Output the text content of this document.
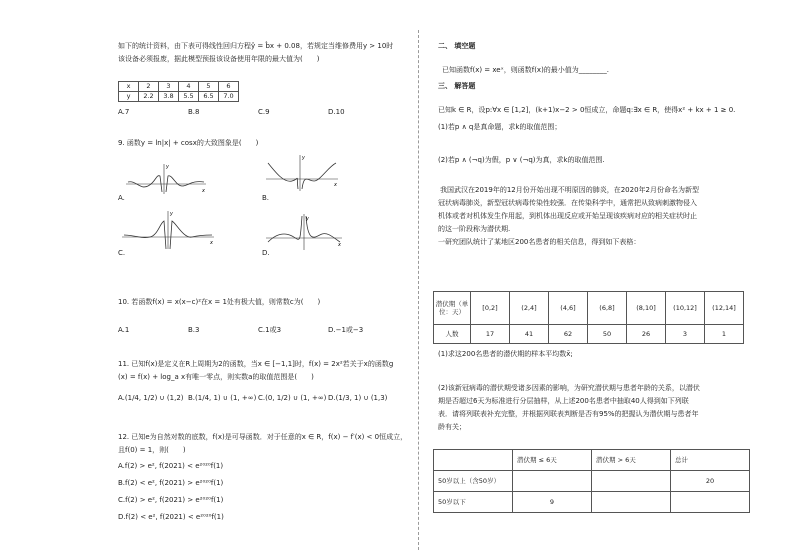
如下的统计资料，由下表可得线性回归方程ŷ = b̂x + 0.08，若规定当维修费用y > 10时
该设备必须报废，据此模型预报该设备使用年限的最大值为(　　)
x	2	3	4	5	6
y	2.2	3.8	5.5	6.5	7.0
A.7	B.8	C.9	D.10
9. 函数y = ln|x| + cosx的大致图象是(　　)
x
y
A.
y
x
B.
y
x
C.
y
x
D.
10. 若函数f(x) = x(x−c)²在x = 1处有极大值，则常数c为(　　)
A.1	B.3	C.1或3	D.−1或−3
11. 已知f(x)是定义在R上周期为2的函数，当x ∈ [−1,1]时，f(x) = 2x²若关于x的函数g
(x) = f(x) + log_a x有唯一零点，则实数a的取值范围是(　　)
A.(1/4, 1/2) ∪ (1,2) B.(1/4, 1) ∪ (1, +∞) C.(0, 1/2) ∪ (1, +∞) D.(1/3, 1) ∪ (1,3)
12. 已知e为自然对数的底数，f(x)是可导函数．对于任意的x ∈ R，f(x) − f′(x) < 0恒成立，
且f(0) = 1，则(　　)
A.f(2) > e², f(2021) < e²⁰²⁰f(1)
B.f(2) < e², f(2021) > e²⁰²⁰f(1)
C.f(2) > e², f(2021) > e²⁰²⁰f(1)
D.f(2) < e², f(2021) < e²⁰²⁰f(1)
二、 填空题
已知函数f(x) = xeˣ，则函数f(x)的最小值为________.
三、 解答题
已知k ∈ R，设p:∀x ∈ [1,2]，(k+1)x−2 > 0恒成立，命题q:∃x ∈ R，使得x² + kx + 1 ≥ 0.
(1)若p ∧ q是真命题，求k的取值范围；
(2)若p ∧ (¬q)为假，p ∨ (¬q)为真，求k的取值范围.
我国武汉在2019年的12月份开始出现不明原因的肺炎，在2020年2月份命名为新型
冠状病毒肺炎，新型冠状病毒传染性较强．在传染科学中，通常把从致病刺激物侵入
机体或者对机体发生作用起，到机体出现反应或开始呈现该疾病对应的相关症状时止
的这一阶段称为潜伏期.
一研究团队统计了某地区200名患者的相关信息，得到如下表格：
潜伏期（单位：天）	[0,2]	(2,4]	(4,6]	(6,8]	(8,10]	(10,12]	(12,14]
人数	17	41	62	50	26	3	1
(1)求这200名患者的潜伏期的样本平均数x̄;
(2)该新冠病毒的潜伏期受诸多因素的影响，为研究潜伏期与患者年龄的关系，以潜伏
期是否超过6天为标准进行分层抽样，从上述200名患者中抽取40人得到如下列联
表．请将列联表补充完整，并根据列联表判断是否有95%的把握认为潜伏期与患者年
龄有关；
	潜伏期 ≤ 6天	潜伏期 > 6天	总计
50岁以上（含50岁）			20
50岁以下	9		
